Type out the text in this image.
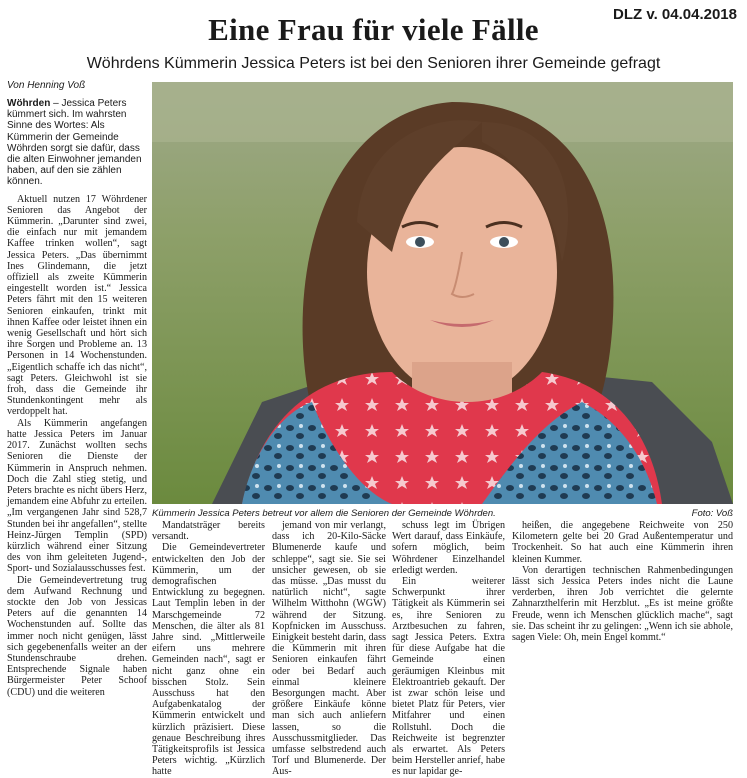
DLZ v. 04.04.2018
Eine Frau für viele Fälle
Wöhrdens Kümmerin Jessica Peters ist bei den Senioren ihrer Gemeinde gefragt
Von Henning Voß

Wöhrden – Jessica Peters kümmert sich. Im wahrsten Sinne des Wortes: Als Kümmerin der Gemeinde Wöhrden sorgt sie dafür, dass die alten Einwohner jemanden haben, auf den sie zählen können.

Aktuell nutzen 17 Wöhrdener Senioren das Angebot der Kümmerin. „Darunter sind zwei, die einfach nur mit jemandem Kaffee trinken wollen“, sagt Jessica Peters. „Das übernimmt Ines Glindemann, die jetzt offiziell als zweite Kümmerin eingestellt worden ist.“ Jessica Peters fährt mit den 15 weiteren Senioren einkaufen, trinkt mit ihnen Kaffee oder leistet ihnen ein wenig Gesellschaft und hört sich ihre Sorgen und Probleme an. 13 Personen in 14 Wochenstunden. „Eigentlich schaffe ich das nicht“, sagt Peters. Gleichwohl ist sie froh, dass die Gemeinde ihr Stundenkontingent mehr als verdoppelt hat.

Als Kümmerin angefangen hatte Jessica Peters im Januar 2017. Zunächst wollten sechs Senioren die Dienste der Kümmerin in Anspruch nehmen. Doch die Zahl stieg stetig, und Peters brachte es nicht übers Herz, jemandem eine Abfuhr zu erteilen. „Im vergangenen Jahr sind 528,7 Stunden bei ihr angefallen“, stellte Heinz-Jürgen Templin (SPD) kürzlich während einer Sitzung des von ihm geleiteten Jugend-, Sport- und Sozialausschusses fest.

Die Gemeindevertretung trug dem Aufwand Rechnung und stockte den Job von Jessicas Peters auf die genannten 14 Wochenstunden auf. Sollte das immer noch nicht genügen, lässt sich gegebenenfalls weiter an der Stundenschraube drehen. Entsprechende Signale haben Bürgermeister Peter Schoof (CDU) und die weiteren

Kümmerin Jessica Peters betreut vor allem die Senioren der Gemeinde Wöhrden.	Foto: Voß

Mandatsträger bereits versandt.

Die Gemeindevertreter entwickelten den Job der Kümmerin, um der demografischen Entwicklung zu begegnen. Laut Templin leben in der Marschgemeinde 72 Menschen, die älter als 81 Jahre sind. „Mittlerweile eifern uns mehrere Gemeinden nach“, sagt er nicht ganz ohne ein bisschen Stolz. Sein Ausschuss hat den Aufgabenkatalog der Kümmerin entwickelt und kürzlich präzisiert. Diese genaue Beschreibung ihres Tätigkeitsprofils ist Jessica Peters wichtig. „Kürzlich hatte

jemand von mir verlangt, dass ich 20-Kilo-Säcke Blumenerde kaufe und schleppe“, sagt sie. Sie sei unsicher gewesen, ob sie das müsse. „Das musst du natürlich nicht“, sagte Wilhelm Witthohn (WGW) während der Sitzung. Kopfnicken im Ausschuss. Einigkeit besteht darin, dass die Kümmerin mit ihren Senioren einkaufen fährt oder bei Bedarf auch einmal kleinere Besorgungen macht. Aber größere Einkäufe könne man sich auch anliefern lassen, so die Ausschussmitglieder. Das umfasse selbstredend auch Torf und Blumenerde. Der Aus-

schuss legt im Übrigen Wert darauf, dass Einkäufe, sofern möglich, beim Wöhrdener Einzelhandel erledigt werden.

Ein weiterer Schwerpunkt ihrer Tätigkeit als Kümmerin sei es, ihre Senioren zu Arztbesuchen zu fahren, sagt Jessica Peters. Extra für diese Aufgabe hat die Gemeinde einen geräumigen Kleinbus mit Elektroantrieb gekauft. Der ist zwar schön leise und bietet Platz für Peters, vier Mitfahrer und einen Rollstuhl. Doch die Reichweite ist begrenzter als erwartet. Als Peters beim Hersteller anrief, habe es nur lapidar ge-

heißen, die angegebene Reichweite von 250 Kilometern gelte bei 20 Grad Außentemperatur und Trockenheit. So hat auch eine Kümmerin ihren kleinen Kummer.

Von derartigen technischen Rahmenbedingungen lässt sich Jessica Peters indes nicht die Laune verderben, ihren Job verrichtet die gelernte Zahnarzthelferin mit Herzblut. „Es ist meine größte Freude, wenn ich Menschen glücklich mache“, sagt sie. Das scheint ihr zu gelingen: „Wenn ich sie abhole, sagen Viele: Oh, mein Engel kommt.“
